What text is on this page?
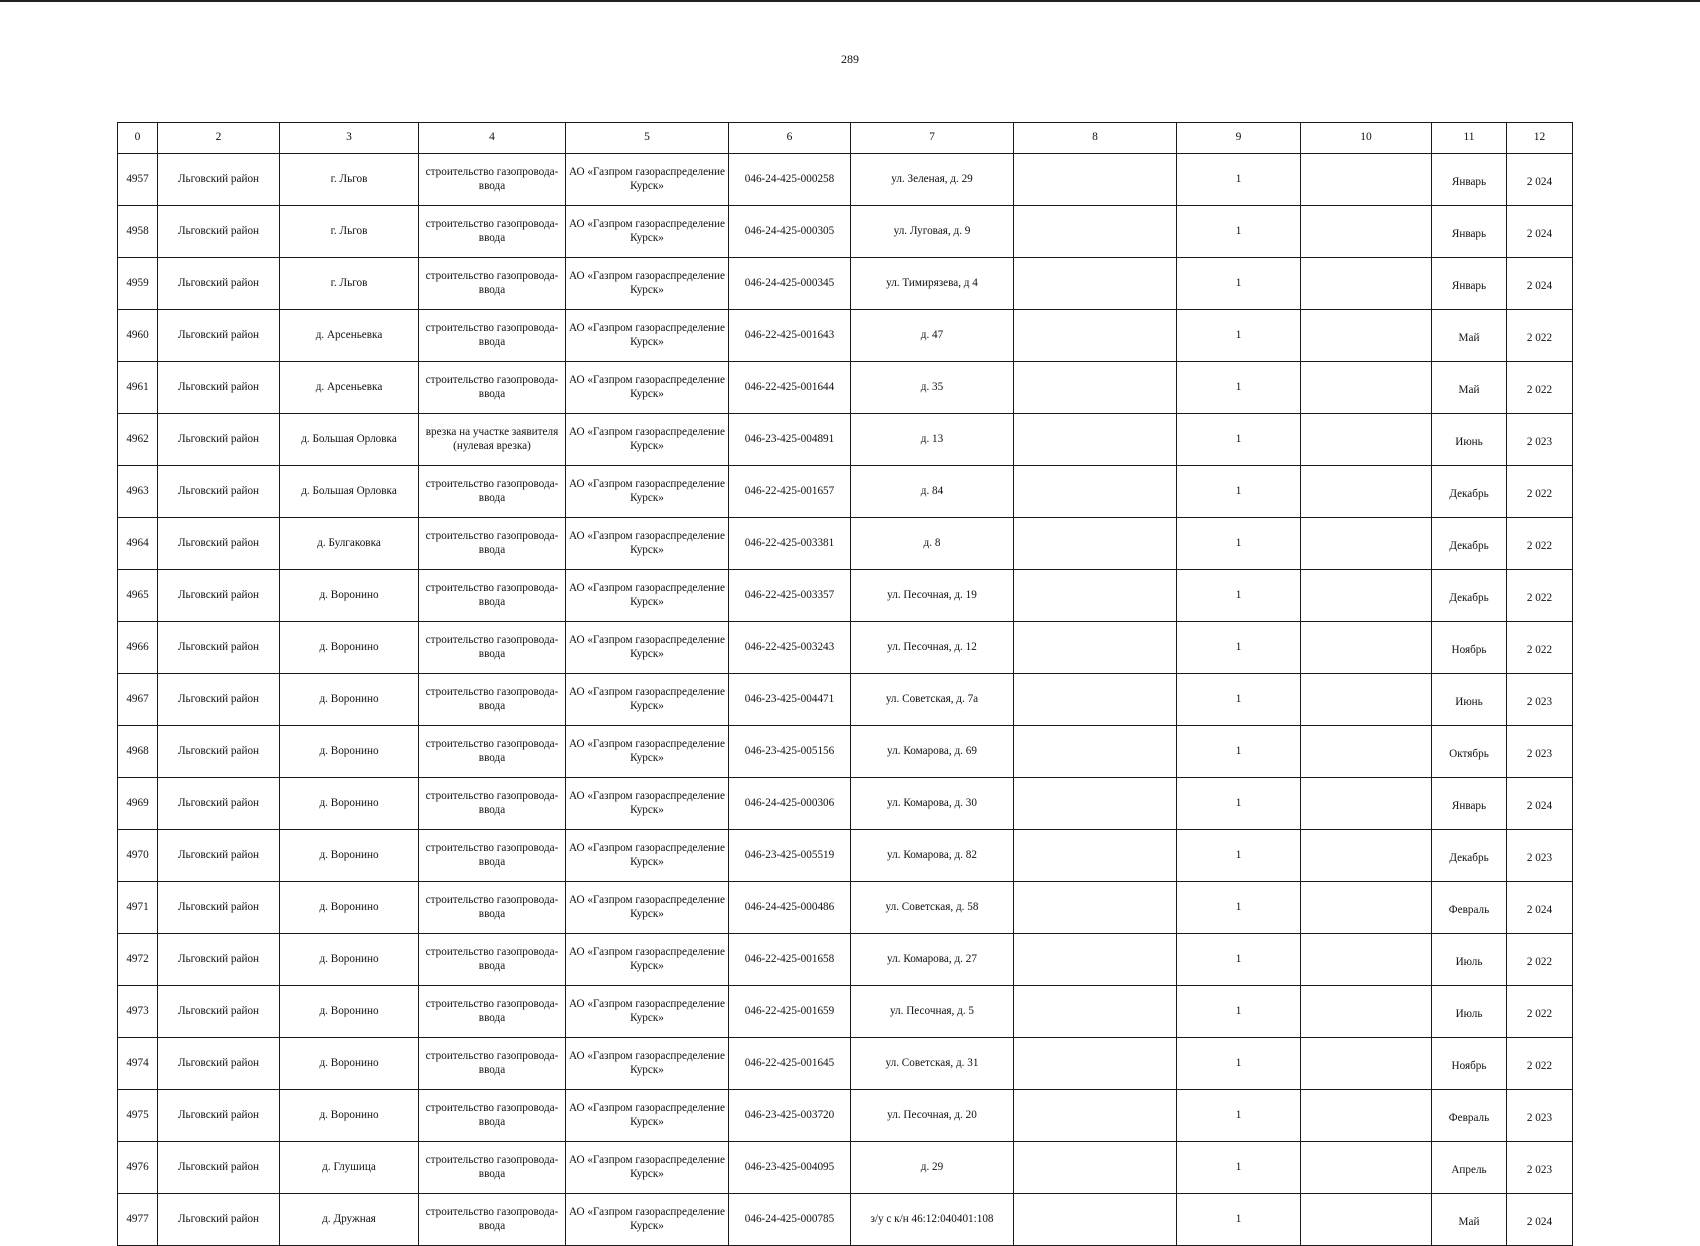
289
0	2	3	4	5	6	7	8	9	10	11	12
4957	Льговский район	г. Льгов	строительство газопровода-ввода	АО «Газпром газораспределение Курск»	046-24-425-000258	ул. Зеленая, д. 29		1		Январь	2 024
4958	Льговский район	г. Льгов	строительство газопровода-ввода	АО «Газпром газораспределение Курск»	046-24-425-000305	ул. Луговая, д. 9		1		Январь	2 024
4959	Льговский район	г. Льгов	строительство газопровода-ввода	АО «Газпром газораспределение Курск»	046-24-425-000345	ул. Тимирязева, д 4		1		Январь	2 024
4960	Льговский район	д. Арсеньевка	строительство газопровода-ввода	АО «Газпром газораспределение Курск»	046-22-425-001643	д. 47		1		Май	2 022
4961	Льговский район	д. Арсеньевка	строительство газопровода-ввода	АО «Газпром газораспределение Курск»	046-22-425-001644	д. 35		1		Май	2 022
4962	Льговский район	д. Большая Орловка	врезка на участке заявителя (нулевая врезка)	АО «Газпром газораспределение Курск»	046-23-425-004891	д. 13		1		Июнь	2 023
4963	Льговский район	д. Большая Орловка	строительство газопровода-ввода	АО «Газпром газораспределение Курск»	046-22-425-001657	д. 84		1		Декабрь	2 022
4964	Льговский район	д. Булгаковка	строительство газопровода-ввода	АО «Газпром газораспределение Курск»	046-22-425-003381	д. 8		1		Декабрь	2 022
4965	Льговский район	д. Воронино	строительство газопровода-ввода	АО «Газпром газораспределение Курск»	046-22-425-003357	ул. Песочная, д. 19		1		Декабрь	2 022
4966	Льговский район	д. Воронино	строительство газопровода-ввода	АО «Газпром газораспределение Курск»	046-22-425-003243	ул. Песочная, д. 12		1		Ноябрь	2 022
4967	Льговский район	д. Воронино	строительство газопровода-ввода	АО «Газпром газораспределение Курск»	046-23-425-004471	ул. Советская, д. 7а		1		Июнь	2 023
4968	Льговский район	д. Воронино	строительство газопровода-ввода	АО «Газпром газораспределение Курск»	046-23-425-005156	ул. Комарова, д. 69		1		Октябрь	2 023
4969	Льговский район	д. Воронино	строительство газопровода-ввода	АО «Газпром газораспределение Курск»	046-24-425-000306	ул. Комарова, д. 30		1		Январь	2 024
4970	Льговский район	д. Воронино	строительство газопровода-ввода	АО «Газпром газораспределение Курск»	046-23-425-005519	ул. Комарова, д. 82		1		Декабрь	2 023
4971	Льговский район	д. Воронино	строительство газопровода-ввода	АО «Газпром газораспределение Курск»	046-24-425-000486	ул. Советская, д. 58		1		Февраль	2 024
4972	Льговский район	д. Воронино	строительство газопровода-ввода	АО «Газпром газораспределение Курск»	046-22-425-001658	ул. Комарова, д. 27		1		Июль	2 022
4973	Льговский район	д. Воронино	строительство газопровода-ввода	АО «Газпром газораспределение Курск»	046-22-425-001659	ул. Песочная, д. 5		1		Июль	2 022
4974	Льговский район	д. Воронино	строительство газопровода-ввода	АО «Газпром газораспределение Курск»	046-22-425-001645	ул. Советская, д. 31		1		Ноябрь	2 022
4975	Льговский район	д. Воронино	строительство газопровода-ввода	АО «Газпром газораспределение Курск»	046-23-425-003720	ул. Песочная, д. 20		1		Февраль	2 023
4976	Льговский район	д. Глушица	строительство газопровода-ввода	АО «Газпром газораспределение Курск»	046-23-425-004095	д. 29		1		Апрель	2 023
4977	Льговский район	д. Дружная	строительство газопровода-ввода	АО «Газпром газораспределение Курск»	046-24-425-000785	з/у с к/н 46:12:040401:108		1		Май	2 024
